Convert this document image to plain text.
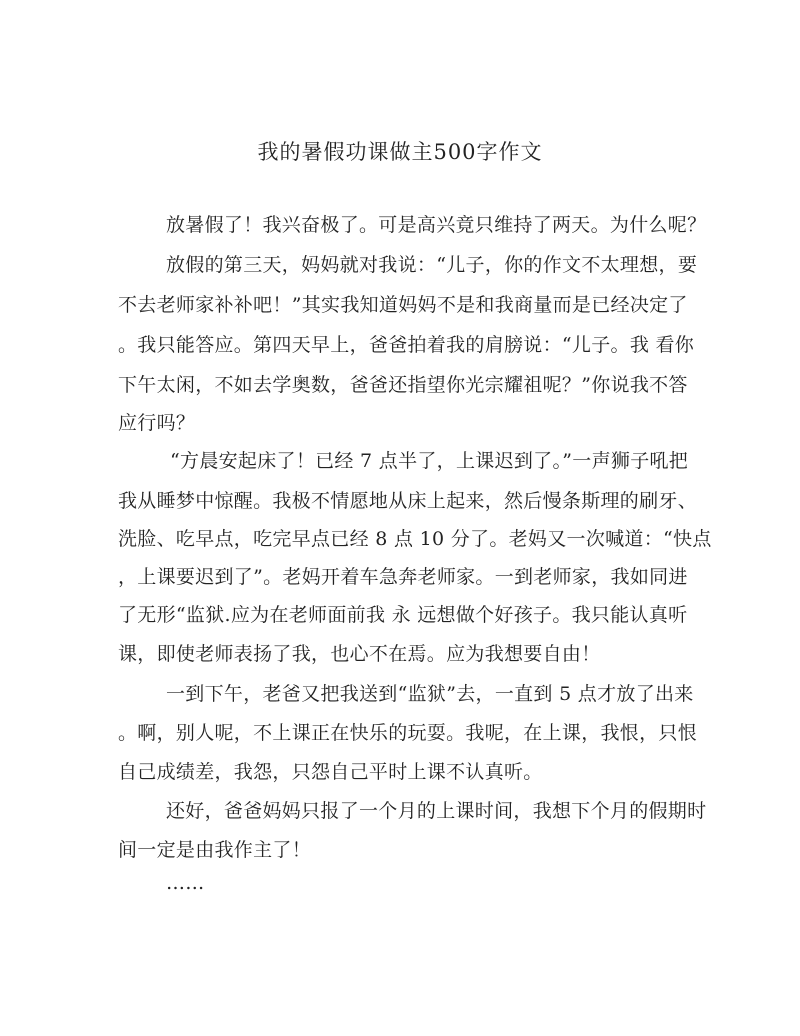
我的暑假功课做主500字作文
放暑假了！我兴奋极了。可是高兴竟只维持了两天。为什么呢？
放假的第三天，妈妈就对我说：“儿子，你的作文不太理想，要
不去老师家补补吧！”其实我知道妈妈不是和我商量而是已经决定了
。我只能答应。第四天早上，爸爸拍着我的肩膀说：“儿子。我 看你
下午太闲，不如去学奥数，爸爸还指望你光宗耀祖呢？”你说我不答
应行吗？
“方晨安起床了！已经 7 点半了，上课迟到了。”一声狮子吼把
我从睡梦中惊醒。我极不情愿地从床上起来，然后慢条斯理的刷牙、
洗脸、吃早点，吃完早点已经 8 点 10 分了。老妈又一次喊道：“快点
，上课要迟到了”。老妈开着车急奔老师家。一到老师家，我如同进
了无形“监狱.应为在老师面前我 永 远想做个好孩子。我只能认真听
课，即使老师表扬了我，也心不在焉。应为我想要自由！
一到下午，老爸又把我送到“监狱”去，一直到 5 点才放了出来
。啊，别人呢，不上课正在快乐的玩耍。我呢，在上课，我恨，只恨
自己成绩差，我怨，只怨自己平时上课不认真听。
还好，爸爸妈妈只报了一个月的上课时间，我想下个月的假期时
间一定是由我作主了！
……
